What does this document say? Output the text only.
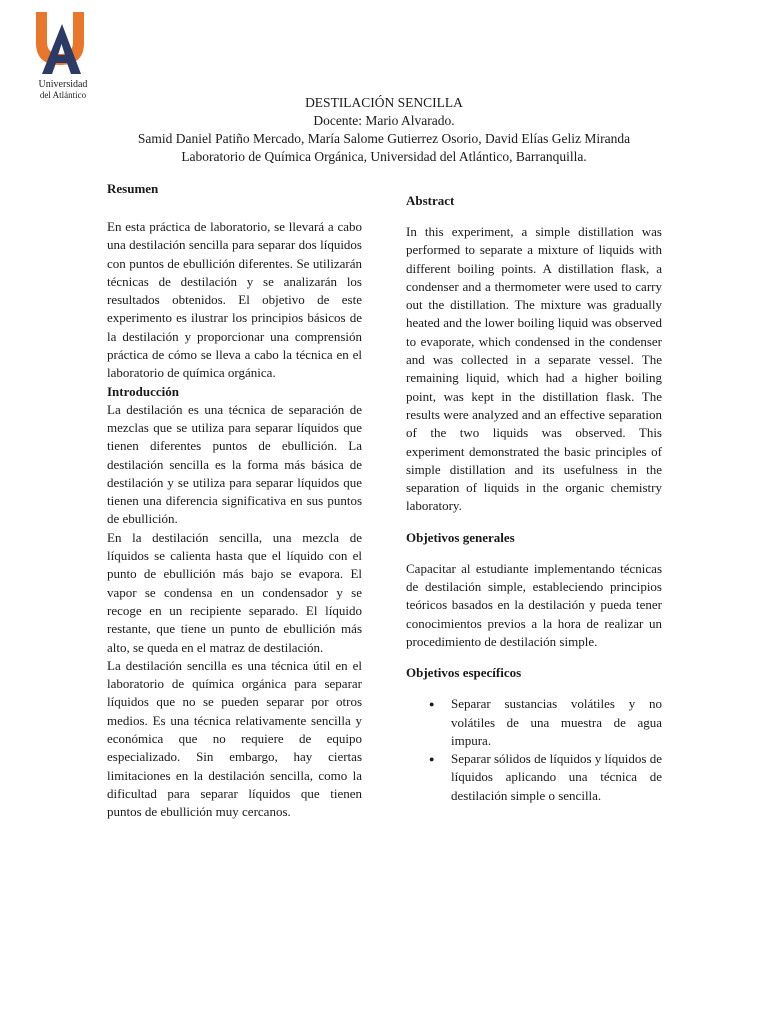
Universidad
del Atlántico	DESTILACIÓN SENCILLA
Docente: Mario Alvarado.
Samid Daniel Patiño Mercado, María Salome Gutierrez Osorio, David Elías Geliz Miranda
Laboratorio de Química Orgánica, Universidad del Atlántico, Barranquilla.
Resumen

En esta práctica de laboratorio, se llevará a cabo una destilación sencilla para separar dos líquidos con puntos de ebullición diferentes. Se utilizarán técnicas de destilación y se analizarán los resultados obtenidos. El objetivo de este experimento es ilustrar los principios básicos de la destilación y proporcionar una comprensión práctica de cómo se lleva a cabo la técnica en el laboratorio de química orgánica.

Introducción

La destilación es una técnica de separación de mezclas que se utiliza para separar líquidos que tienen diferentes puntos de ebullición. La destilación sencilla es la forma más básica de destilación y se utiliza para separar líquidos que tienen una diferencia significativa en sus puntos de ebullición.

En la destilación sencilla, una mezcla de líquidos se calienta hasta que el líquido con el punto de ebullición más bajo se evapora. El vapor se condensa en un condensador y se recoge en un recipiente separado. El líquido restante, que tiene un punto de ebullición más alto, se queda en el matraz de destilación.

La destilación sencilla es una técnica útil en el laboratorio de química orgánica para separar líquidos que no se pueden separar por otros medios. Es una técnica relativamente sencilla y económica que no requiere de equipo especializado. Sin embargo, hay ciertas limitaciones en la destilación sencilla, como la dificultad para separar líquidos que tienen puntos de ebullición muy cercanos.

Abstract

In this experiment, a simple distillation was performed to separate a mixture of liquids with different boiling points. A distillation flask, a condenser and a thermometer were used to carry out the distillation. The mixture was gradually heated and the lower boiling liquid was observed to evaporate, which condensed in the condenser and was collected in a separate vessel. The remaining liquid, which had a higher boiling point, was kept in the distillation flask. The results were analyzed and an effective separation of the two liquids was observed. This experiment demonstrated the basic principles of simple distillation and its usefulness in the separation of liquids in the organic chemistry laboratory.

Objetivos generales

Capacitar al estudiante implementando técnicas de destilación simple, estableciendo principios teóricos basados en la destilación y pueda tener conocimientos previos a la hora de realizar un procedimiento de destilación simple.

Objetivos específicos
● Separar sustancias volátiles y no volátiles de una muestra de agua impura.
● Separar sólidos de líquidos y líquidos de líquidos aplicando una técnica de destilación simple o sencilla.
